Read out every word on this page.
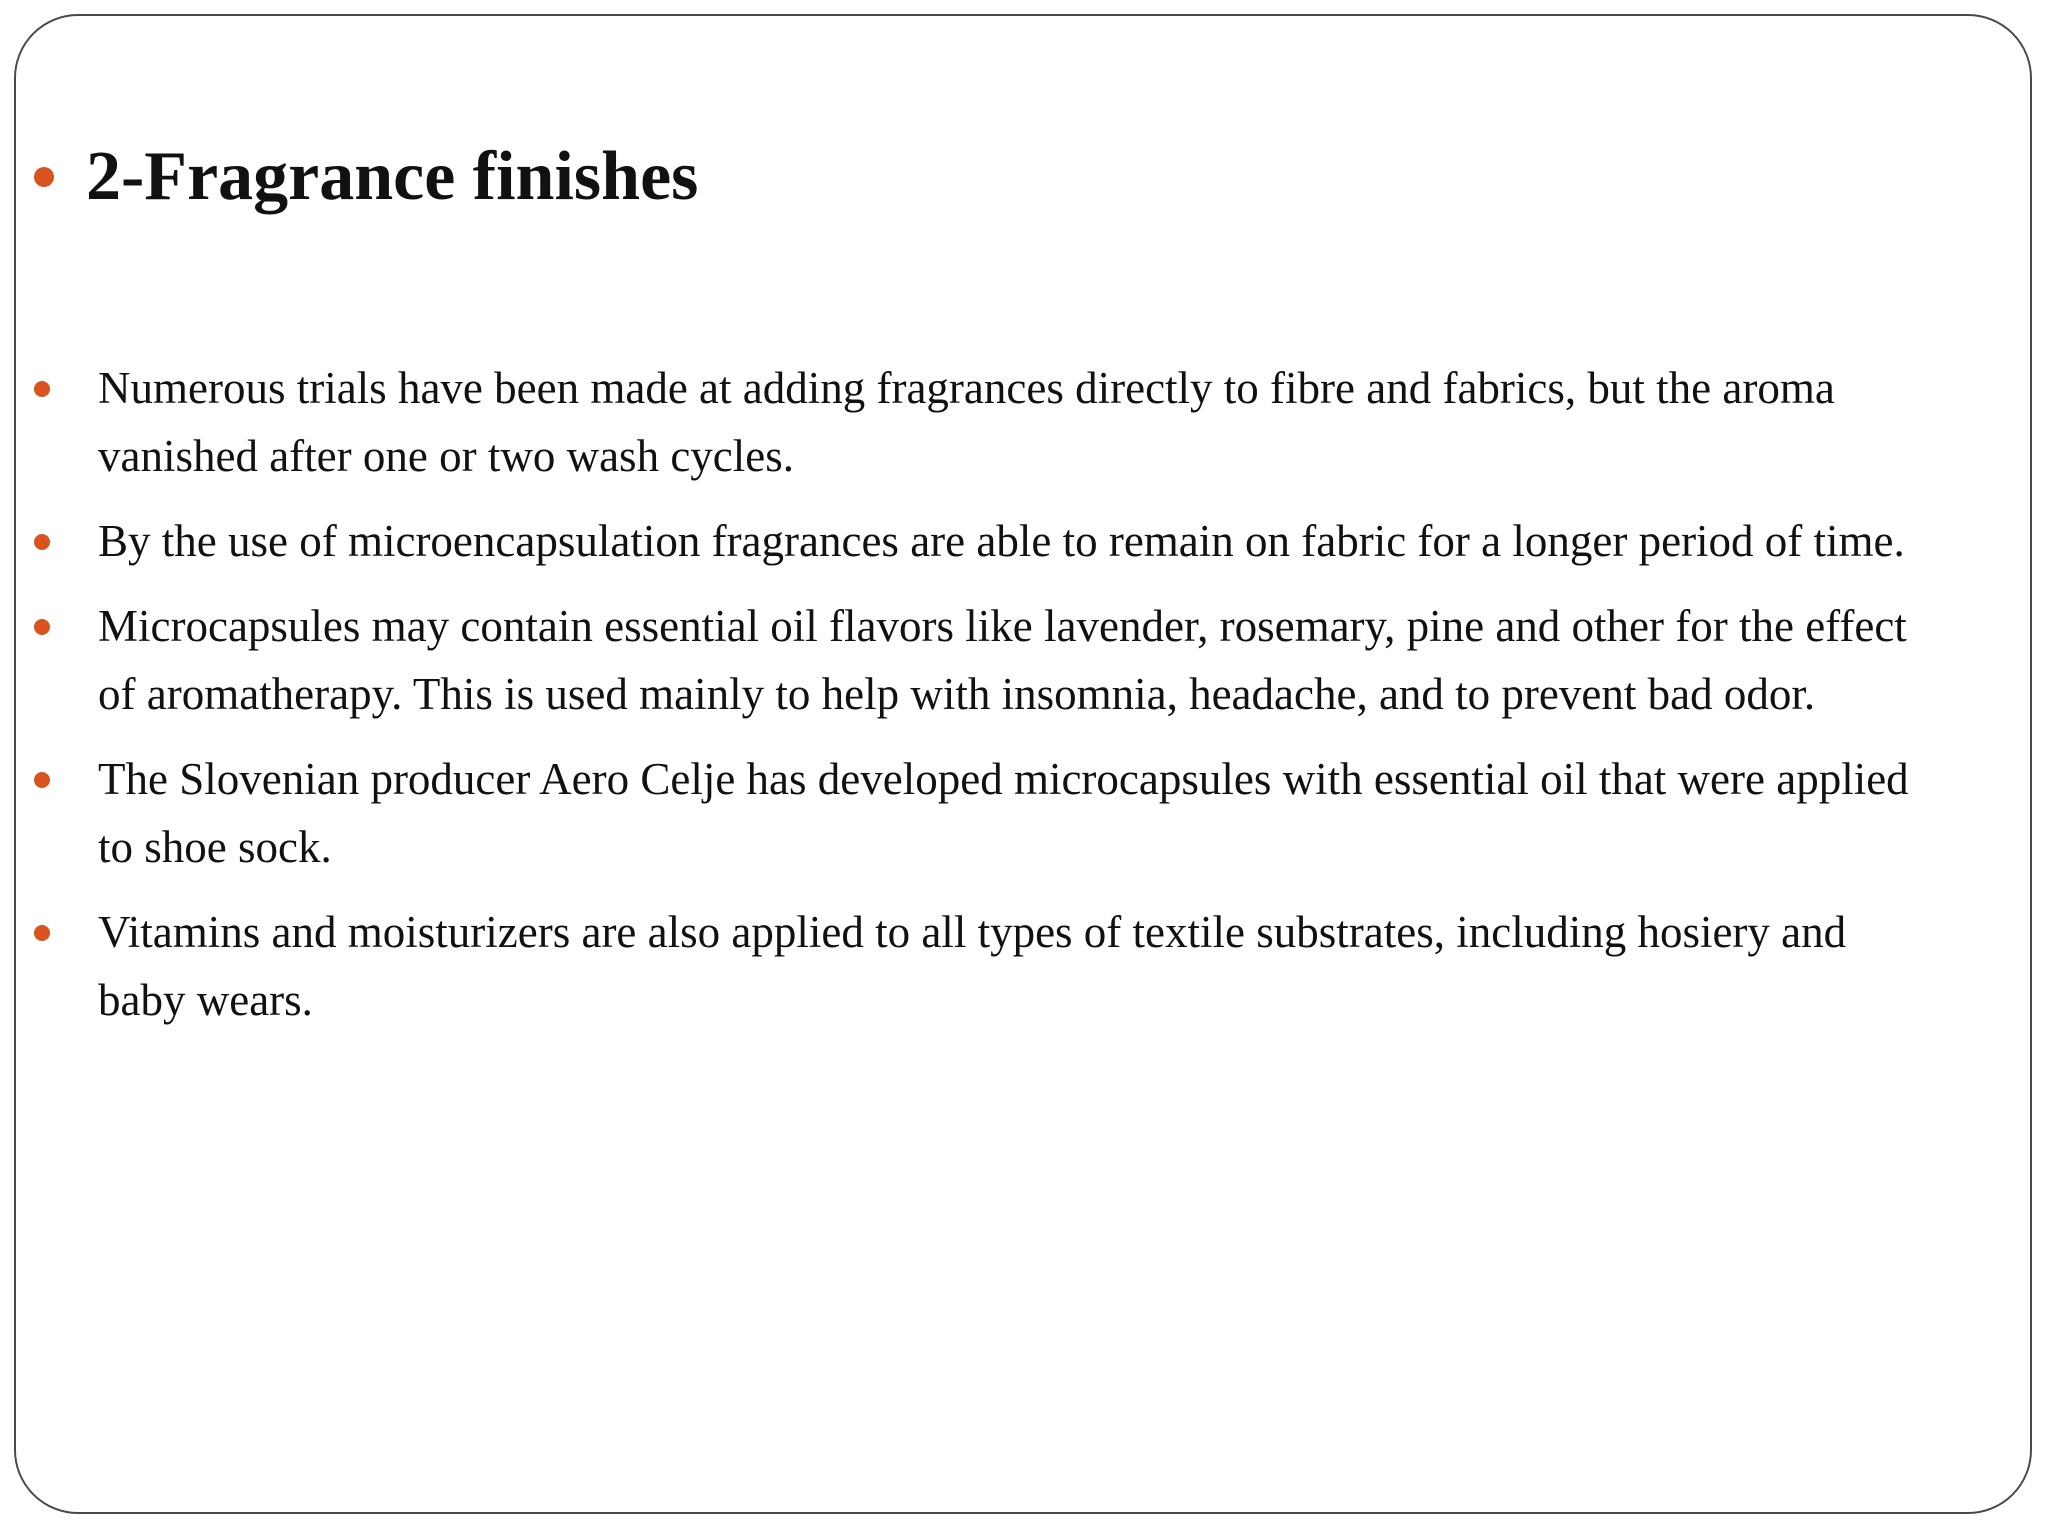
2-Fragrance finishes
Numerous trials have been made at adding fragrances directly to fibre and fabrics, but the aroma vanished after one or two wash cycles.
By the use of microencapsulation fragrances are able to remain on fabric for a longer period of time.
Microcapsules may contain essential oil flavors like lavender, rosemary, pine and other for the effect of aromatherapy. This is used mainly to help with insomnia, headache, and to prevent bad odor.
The Slovenian producer Aero Celje has developed microcapsules with essential oil that were applied to shoe sock.
Vitamins and moisturizers are also applied to all types of textile substrates, including hosiery and baby wears.
